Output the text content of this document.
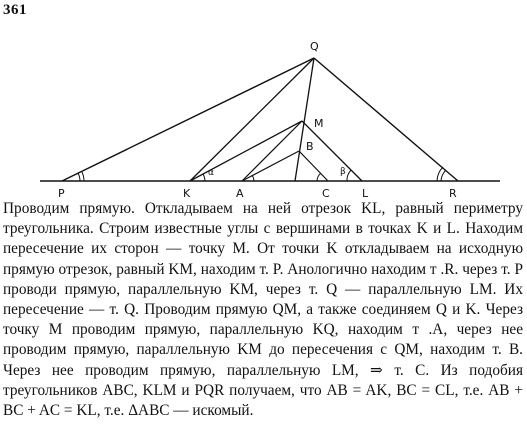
361
P	K	A	C	L	R
Q
M
B
α	β

Проводим прямую. Откладываем на ней отрезок KL, равный периметру треугольника. Строим известные углы с вершинами в точках K и L. Находим пересечение их сторон — точку M. От точки K откладываем на исходную прямую отрезок, равный KM, находим т. P. Анологично находим т .R. через т. P проводи прямую, параллельную KM, через т. Q — параллельную LM. Их пересечение — т. Q. Проводим прямую QM, а также соединяем Q и K. Через точку M проводим прямую, параллельную KQ, находим т .A, через нее проводим прямую, параллельную KM до пересечения с QM, находим т. B. Через нее проводим прямую, параллельную LM, ⇒ т. C. Из подобия треугольников ABC, KLM и PQR получаем, что AB = AK, BC = CL, т.е. AB + BC + AC = KL, т.е. ΔABC — искомый.
